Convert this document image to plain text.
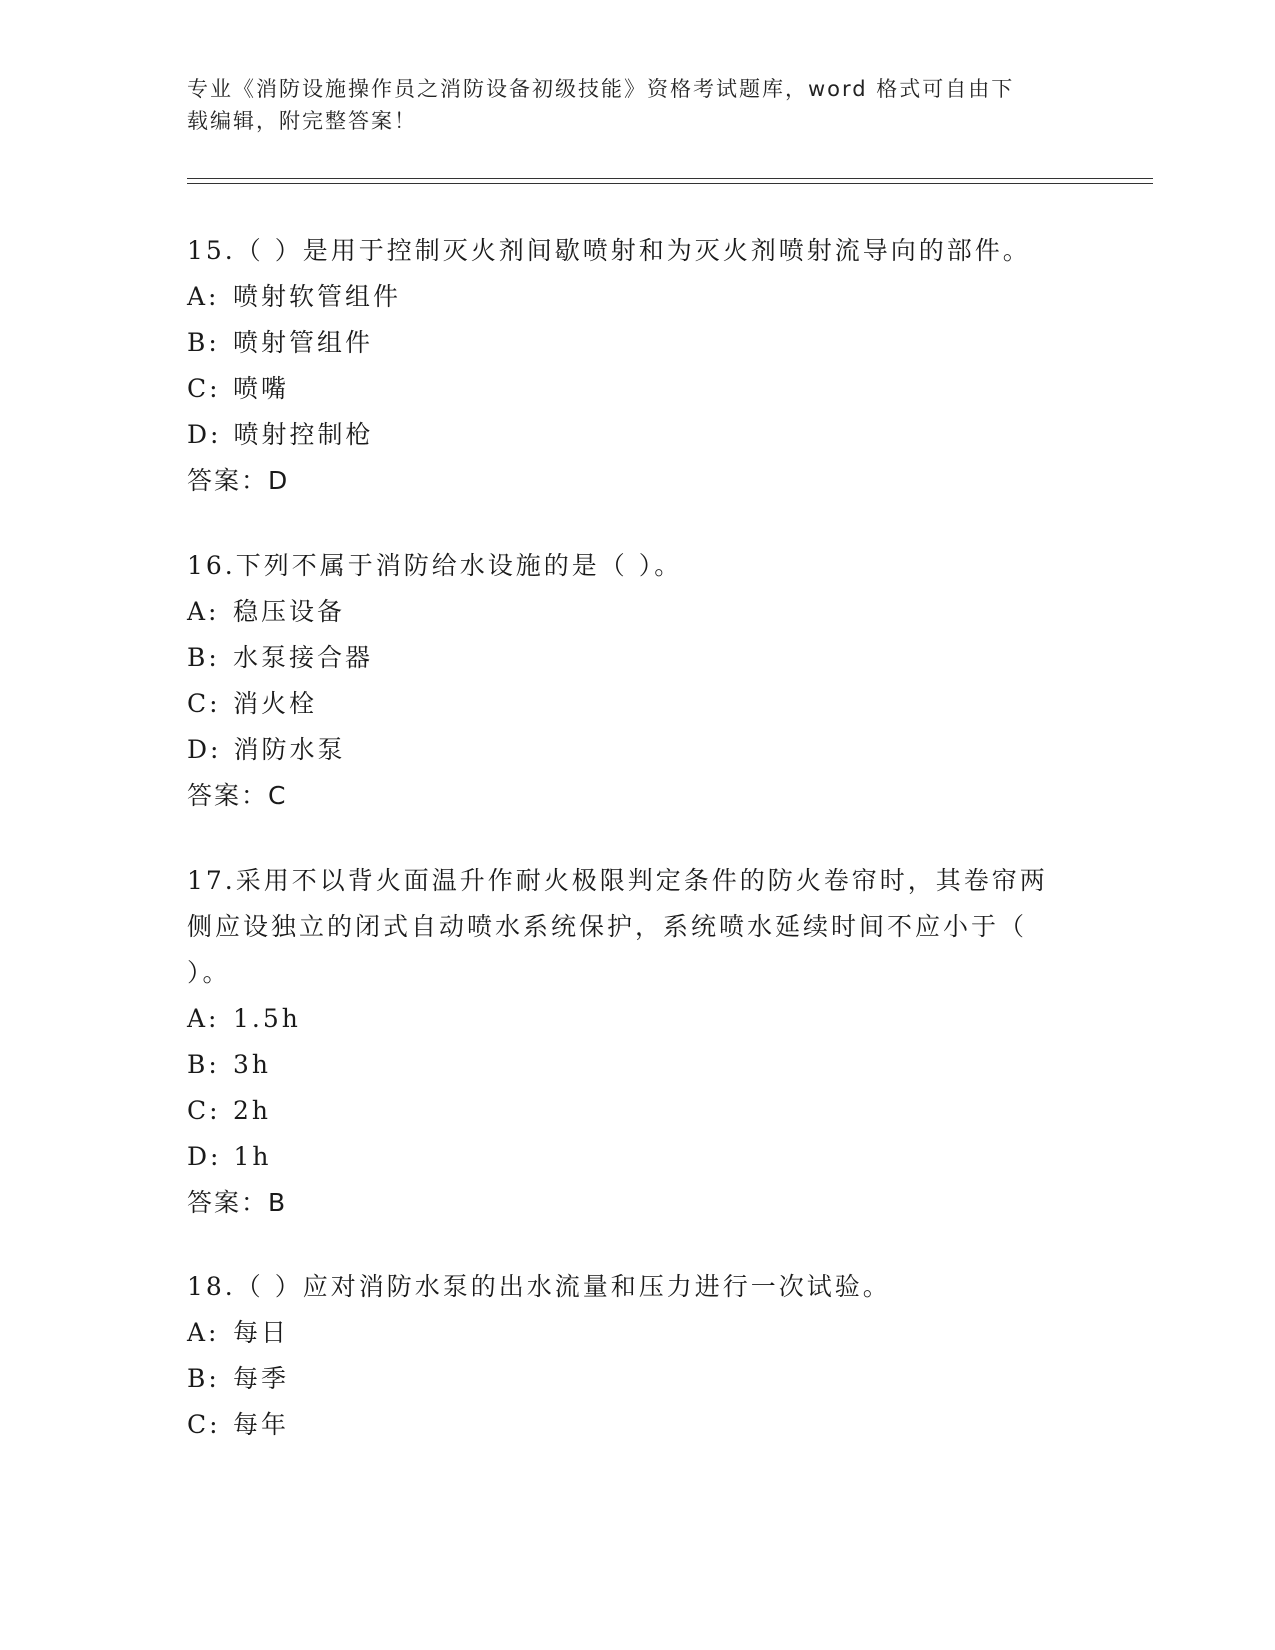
专业《消防设施操作员之消防设备初级技能》资格考试题库，word 格式可自由下
载编辑，附完整答案！

15.（ ）是用于控制灭火剂间歇喷射和为灭火剂喷射流导向的部件。

A: 喷射软管组件

B: 喷射管组件

C: 喷嘴

D: 喷射控制枪

答案：D

16.下列不属于消防给水设施的是（ ）。

A: 稳压设备

B: 水泵接合器

C: 消火栓

D: 消防水泵

答案：C

17.采用不以背火面温升作耐火极限判定条件的防火卷帘时，其卷帘两

侧应设独立的闭式自动喷水系统保护，系统喷水延续时间不应小于（

）。

A: 1.5h

B: 3h

C: 2h

D: 1h

答案：B

18.（ ）应对消防水泵的出水流量和压力进行一次试验。

A: 每日

B: 每季

C: 每年
